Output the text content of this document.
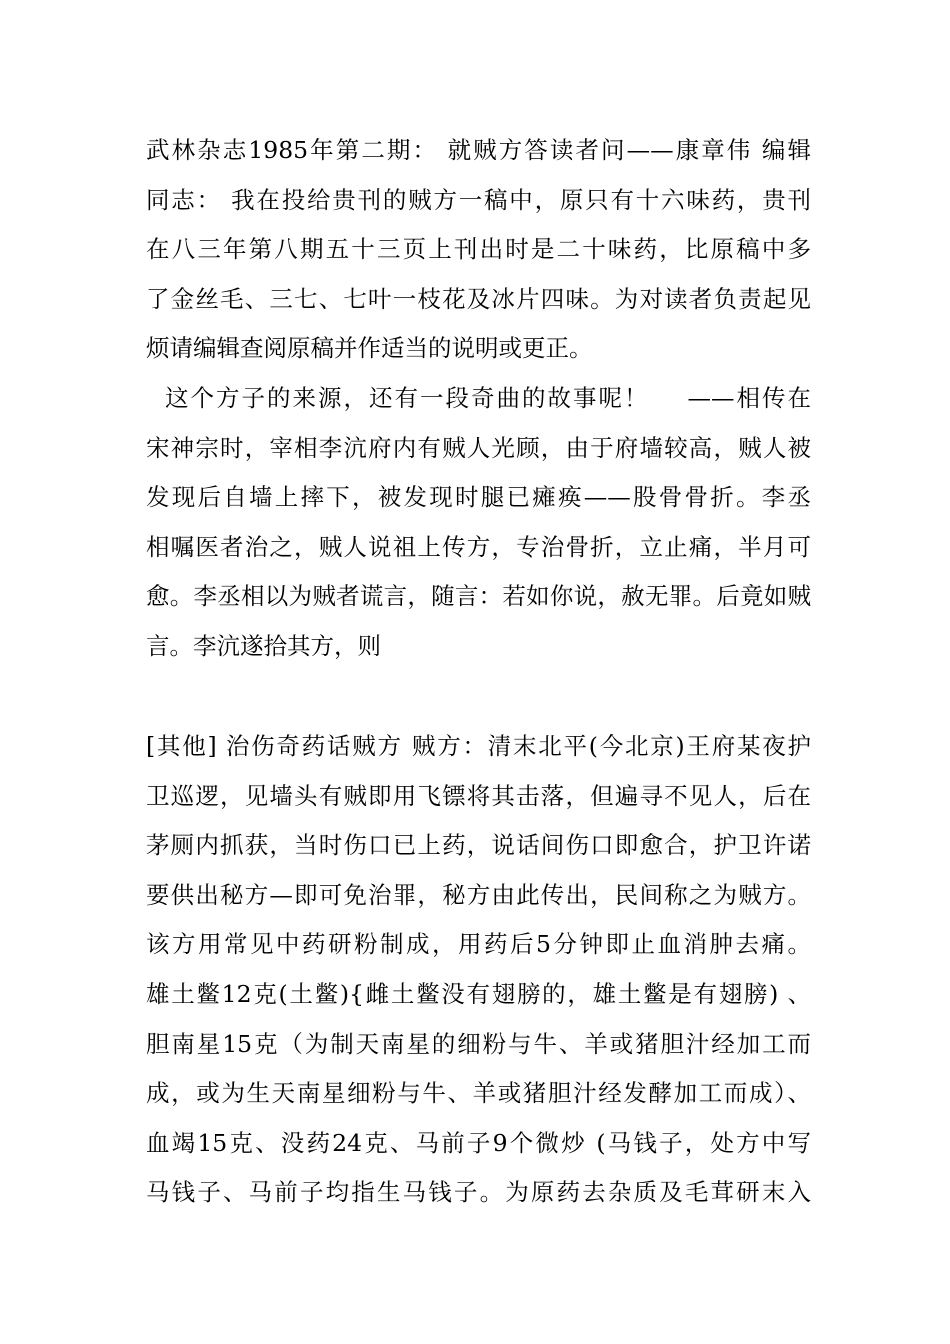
武林杂志1985年第二期： 就贼方答读者问——康章伟 编辑
同志： 我在投给贵刊的贼方一稿中，原只有十六味药，贵刊
在八三年第八期五十三页上刊出时是二十味药，比原稿中多
了金丝毛、三七、七叶一枝花及冰片四味。为对读者负责起见
烦请编辑查阅原稿并作适当的说明或更正。
这个方子的来源，还有一段奇曲的故事呢！    ——相传在
宋神宗时，宰相李沆府内有贼人光顾，由于府墙较高，贼人被
发现后自墙上摔下，被发现时腿已瘫痪——股骨骨折。李丞
相嘱医者治之，贼人说祖上传方，专治骨折，立止痛，半月可
愈。李丞相以为贼者谎言，随言：若如你说，赦无罪。后竟如贼
言。李沆遂拾其方，则
[其他] 治伤奇药话贼方 贼方：清末北平(今北京)王府某夜护
卫巡逻，见墙头有贼即用飞镖将其击落，但遍寻不见人，后在
茅厕内抓获，当时伤口已上药，说话间伤口即愈合，护卫许诺
要供出秘方—即可免治罪，秘方由此传出，民间称之为贼方。
该方用常见中药研粉制成，用药后5分钟即止血消肿去痛。
雄土鳖12克(土鳖){雌土鳖没有翅膀的，雄土鳖是有翅膀) 、
胆南星15克（为制天南星的细粉与牛、羊或猪胆汁经加工而
成，或为生天南星细粉与牛、羊或猪胆汁经发酵加工而成）、
血竭15克、没药24克、马前子9个微炒 (马钱子，处方中写
马钱子、马前子均指生马钱子。为原药去杂质及毛茸研末入
